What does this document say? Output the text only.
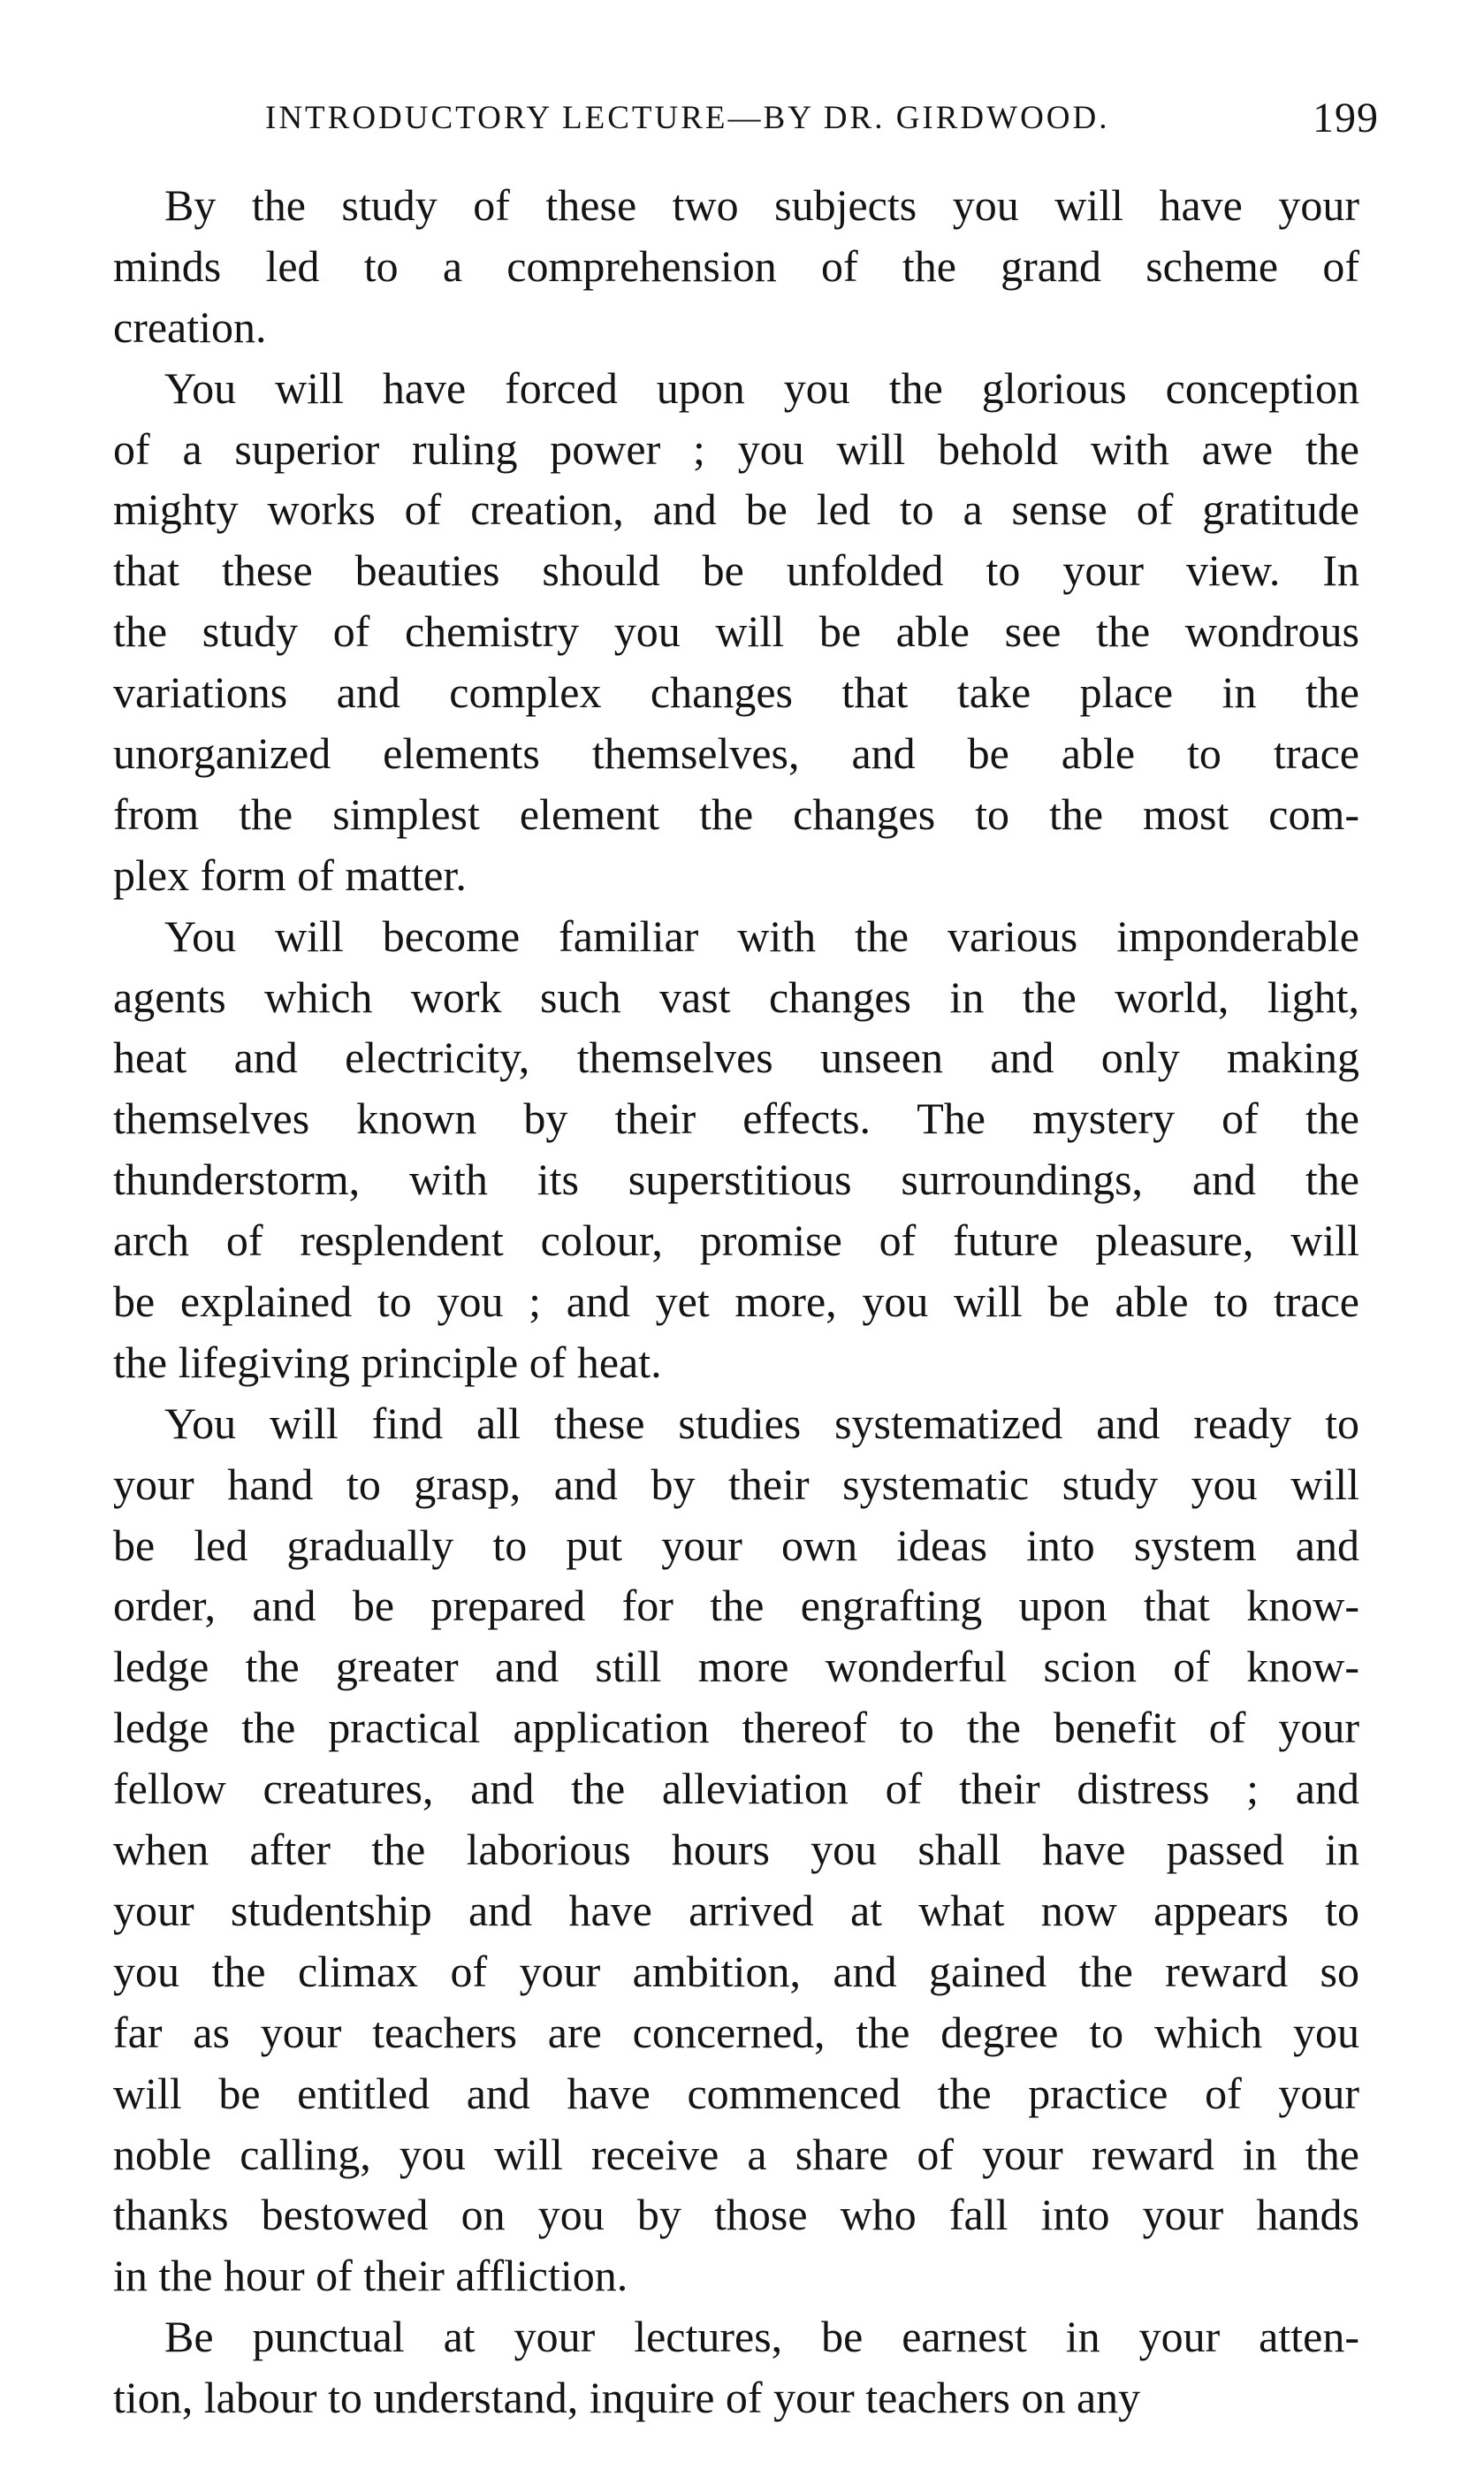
INTRODUCTORY LECTURE—BY DR. GIRDWOOD.	199
By the study of these two subjects you will have your
minds led to a comprehension of the grand scheme of
creation.
You will have forced upon you the glorious conception
of a superior ruling power ; you will behold with awe the
mighty works of creation, and be led to a sense of gratitude
that these beauties should be unfolded to your view. In
the study of chemistry you will be able see the wondrous
variations and complex changes that take place in the
unorganized elements themselves, and be able to trace
from the simplest element the changes to the most com-
plex form of matter.
You will become familiar with the various imponderable
agents which work such vast changes in the world, light,
heat and electricity, themselves unseen and only making
themselves known by their effects. The mystery of the
thunderstorm, with its superstitious surroundings, and the
arch of resplendent colour, promise of future pleasure, will
be explained to you ; and yet more, you will be able to trace
the lifegiving principle of heat.
You will find all these studies systematized and ready to
your hand to grasp, and by their systematic study you will
be led gradually to put your own ideas into system and
order, and be prepared for the engrafting upon that know-
ledge the greater and still more wonderful scion of know-
ledge the practical application thereof to the benefit of your
fellow creatures, and the alleviation of their distress ; and
when after the laborious hours you shall have passed in
your studentship and have arrived at what now appears to
you the climax of your ambition, and gained the reward so
far as your teachers are concerned, the degree to which you
will be entitled and have commenced the practice of your
noble calling, you will receive a share of your reward in the
thanks bestowed on you by those who fall into your hands
in the hour of their affliction.
Be punctual at your lectures, be earnest in your atten-
tion, labour to understand, inquire of your teachers on any
